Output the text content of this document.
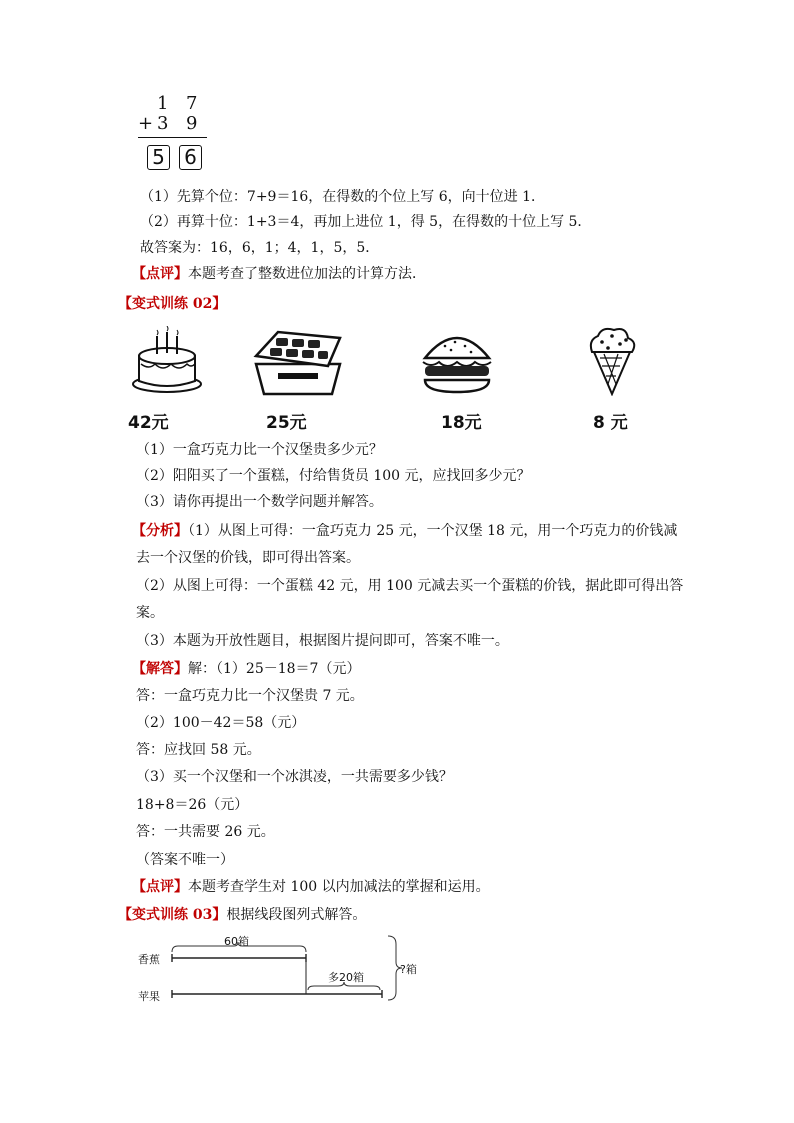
1 7
+ 3 9
5 6
（1）先算个位：7+9＝16，在得数的个位上写 6，向十位进 1．
（2）再算十位：1+3＝4，再加上进位 1，得 5，在得数的十位上写 5．
故答案为：16，6，1；4，1，5，5．
【点评】本题考查了整数进位加法的计算方法．
【变式训练 02】
42元	25元	18元	8 元
（1）一盒巧克力比一个汉堡贵多少元？
（2）阳阳买了一个蛋糕，付给售货员 100 元，应找回多少元？
（3）请你再提出一个数学问题并解答。
【分析】（1）从图上可得：一盒巧克力 25 元，一个汉堡 18 元，用一个巧克力的价钱减
去一个汉堡的价钱，即可得出答案。
（2）从图上可得：一个蛋糕 42 元，用 100 元减去买一个蛋糕的价钱，据此即可得出答
案。
（3）本题为开放性题目，根据图片提问即可，答案不唯一。
【解答】解：（1）25－18＝7（元）
答：一盒巧克力比一个汉堡贵 7 元。
（2）100－42＝58（元）
答：应找回 58 元。
（3）买一个汉堡和一个冰淇凌，一共需要多少钱？
18+8＝26（元）
答：一共需要 26 元。
（答案不唯一）
【点评】本题考查学生对 100 以内加减法的掌握和运用。
【变式训练 03】根据线段图列式解答。
香蕉
苹果
60箱
多20箱
?箱
